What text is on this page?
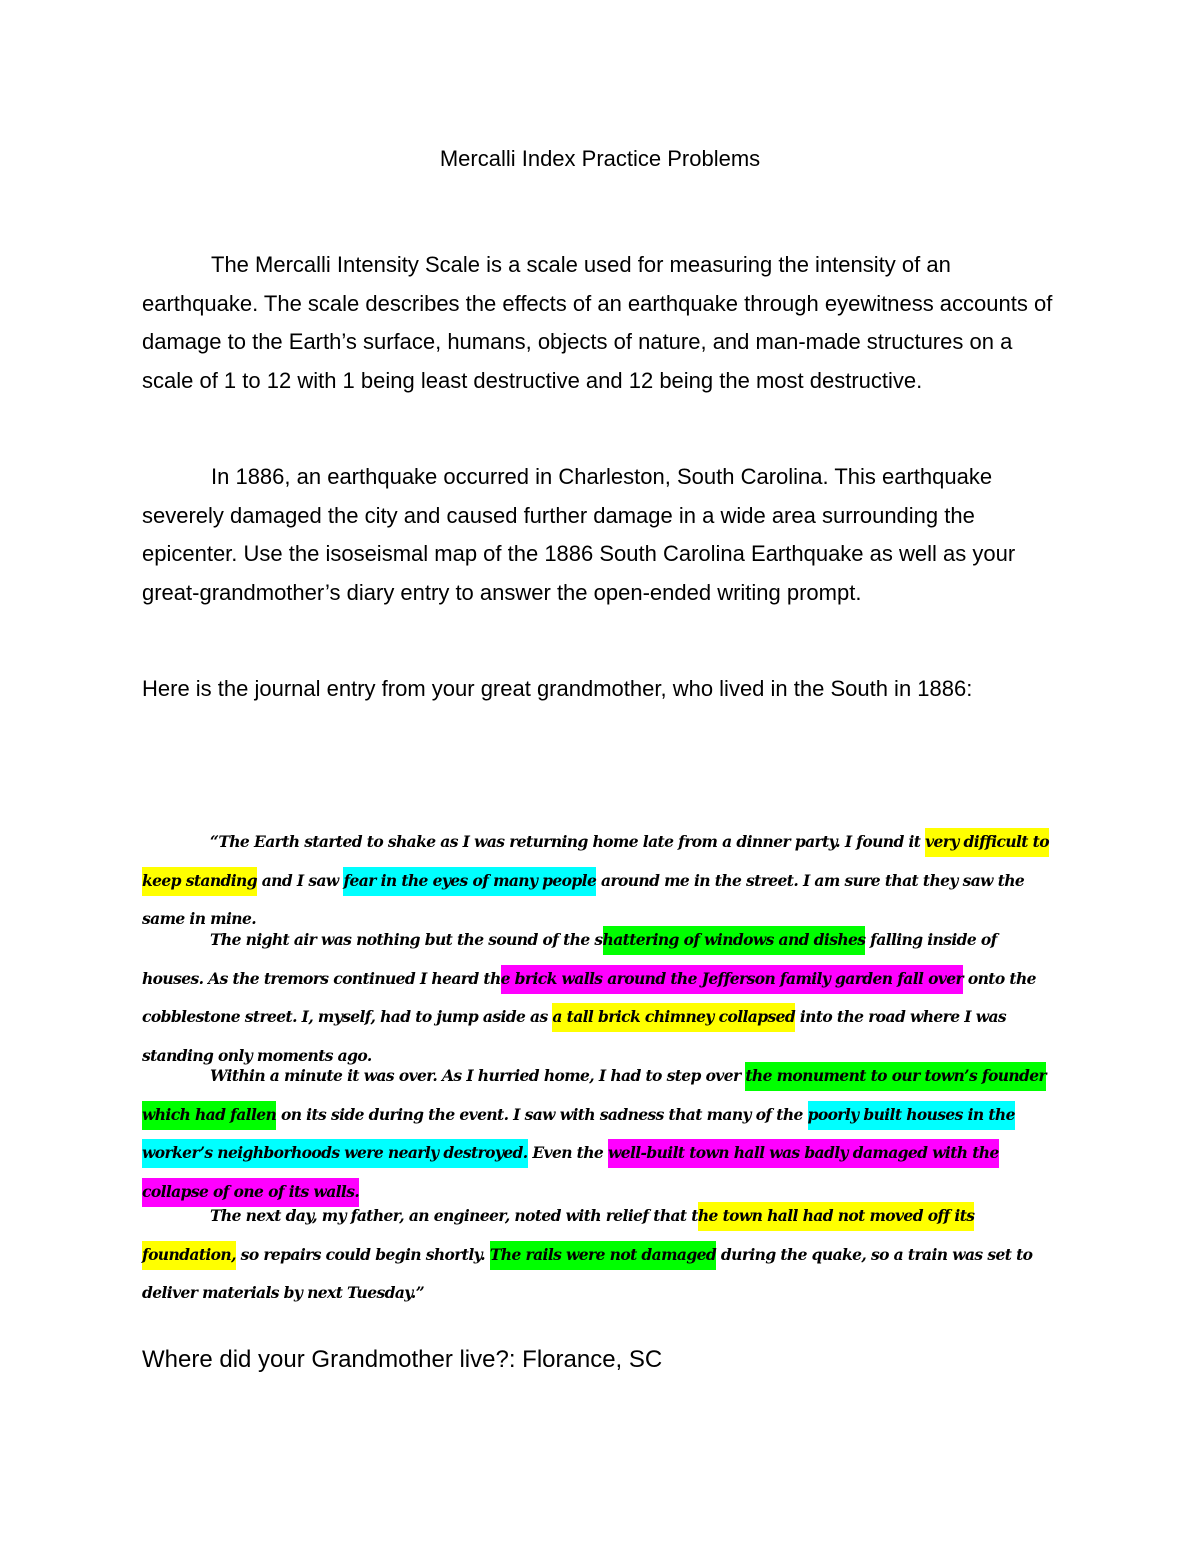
Mercalli Index Practice Problems

The Mercalli Intensity Scale is a scale used for measuring the intensity of an earthquake. The scale describes the effects of an earthquake through eyewitness accounts of damage to the Earth’s surface, humans, objects of nature, and man-made structures on a scale of 1 to 12 with 1 being least destructive and 12 being the most destructive.

In 1886, an earthquake occurred in Charleston, South Carolina. This earthquake severely damaged the city and caused further damage in a wide area surrounding the epicenter. Use the isoseismal map of the 1886 South Carolina Earthquake as well as your great-grandmother’s diary entry to answer the open-ended writing prompt.

Here is the journal entry from your great grandmother, who lived in the South in 1886:

“The Earth started to shake as I was returning home late from a dinner party. I found it very difficult to keep standing and I saw fear in the eyes of many people around me in the street. I am sure that they saw the same in mine.

The night air was nothing but the sound of the shattering of windows and dishes falling inside of houses. As the tremors continued I heard the brick walls around the Jefferson family garden fall over onto the cobblestone street. I, myself, had to jump aside as a tall brick chimney collapsed into the road where I was standing only moments ago.

Within a minute it was over. As I hurried home, I had to step over the monument to our town’s founder which had fallen on its side during the event. I saw with sadness that many of the poorly built houses in the worker’s neighborhoods were nearly destroyed. Even the well-built town hall was badly damaged with the collapse of one of its walls.

The next day, my father, an engineer, noted with relief that the town hall had not moved off its foundation, so repairs could begin shortly. The rails were not damaged during the quake, so a train was set to deliver materials by next Tuesday.”

Where did your Grandmother live?: Florance, SC
